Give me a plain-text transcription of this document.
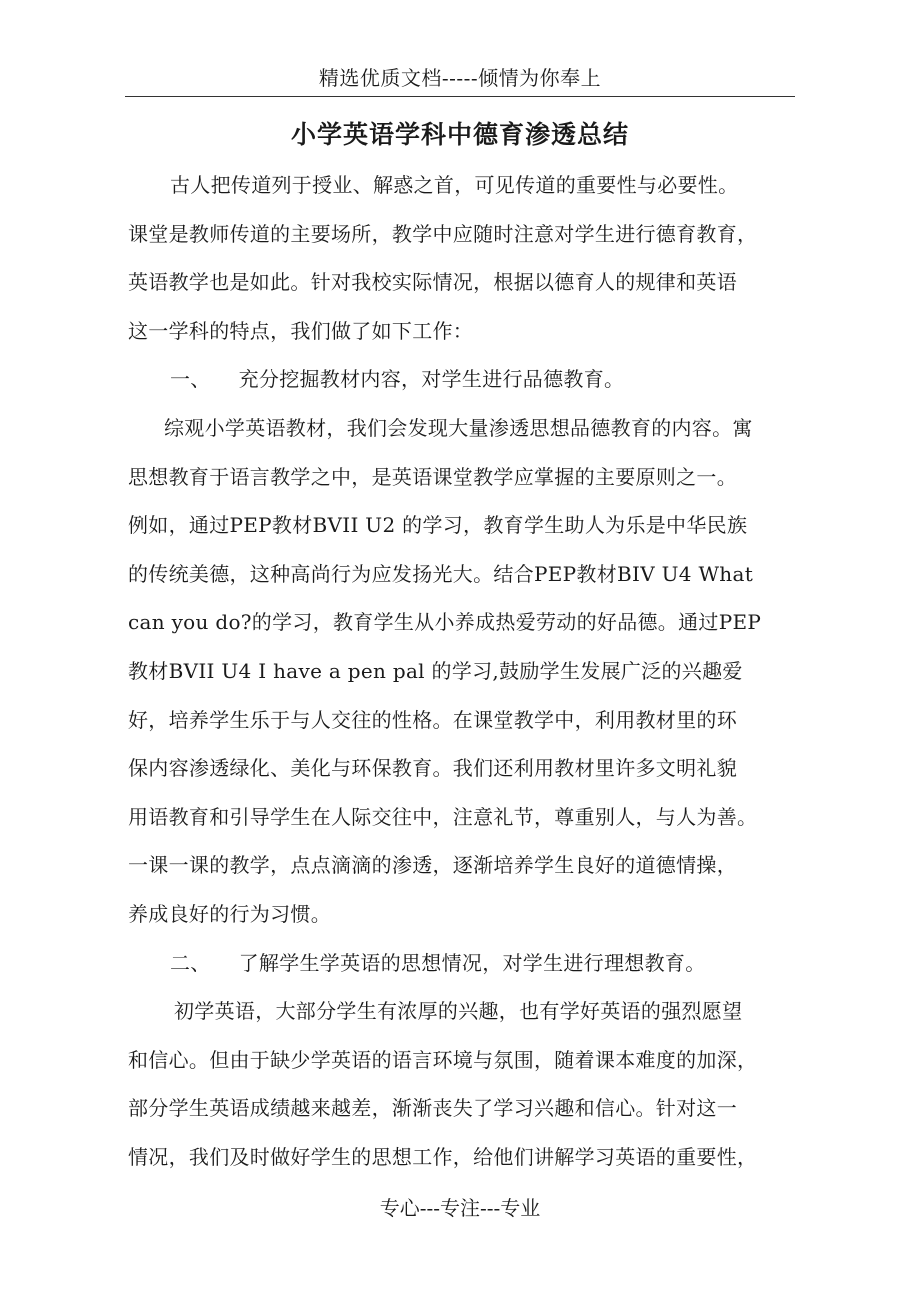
精选优质文档-----倾情为你奉上
小学英语学科中德育渗透总结
古人把传道列于授业、解惑之首，可见传道的重要性与必要性。
课堂是教师传道的主要场所，教学中应随时注意对学生进行德育教育，
英语教学也是如此。针对我校实际情况，根据以德育人的规律和英语
这一学科的特点，我们做了如下工作：
一、 充分挖掘教材内容，对学生进行品德教育。
综观小学英语教材，我们会发现大量渗透思想品德教育的内容。寓
思想教育于语言教学之中，是英语课堂教学应掌握的主要原则之一。
例如，通过PEP教材BVII U2 的学习，教育学生助人为乐是中华民族
的传统美德，这种高尚行为应发扬光大。结合PEP教材BIV U4 What
can you do?的学习，教育学生从小养成热爱劳动的好品德。通过PEP
教材BVII U4 I have a pen pal 的学习,鼓励学生发展广泛的兴趣爱
好，培养学生乐于与人交往的性格。在课堂教学中，利用教材里的环
保内容渗透绿化、美化与环保教育。我们还利用教材里许多文明礼貌
用语教育和引导学生在人际交往中，注意礼节，尊重别人，与人为善。
一课一课的教学，点点滴滴的渗透，逐渐培养学生良好的道德情操，
养成良好的行为习惯。
二、 了解学生学英语的思想情况，对学生进行理想教育。
初学英语，大部分学生有浓厚的兴趣，也有学好英语的强烈愿望
和信心。但由于缺少学英语的语言环境与氛围，随着课本难度的加深，
部分学生英语成绩越来越差，渐渐丧失了学习兴趣和信心。针对这一
情况，我们及时做好学生的思想工作，给他们讲解学习英语的重要性，
专心---专注---专业
